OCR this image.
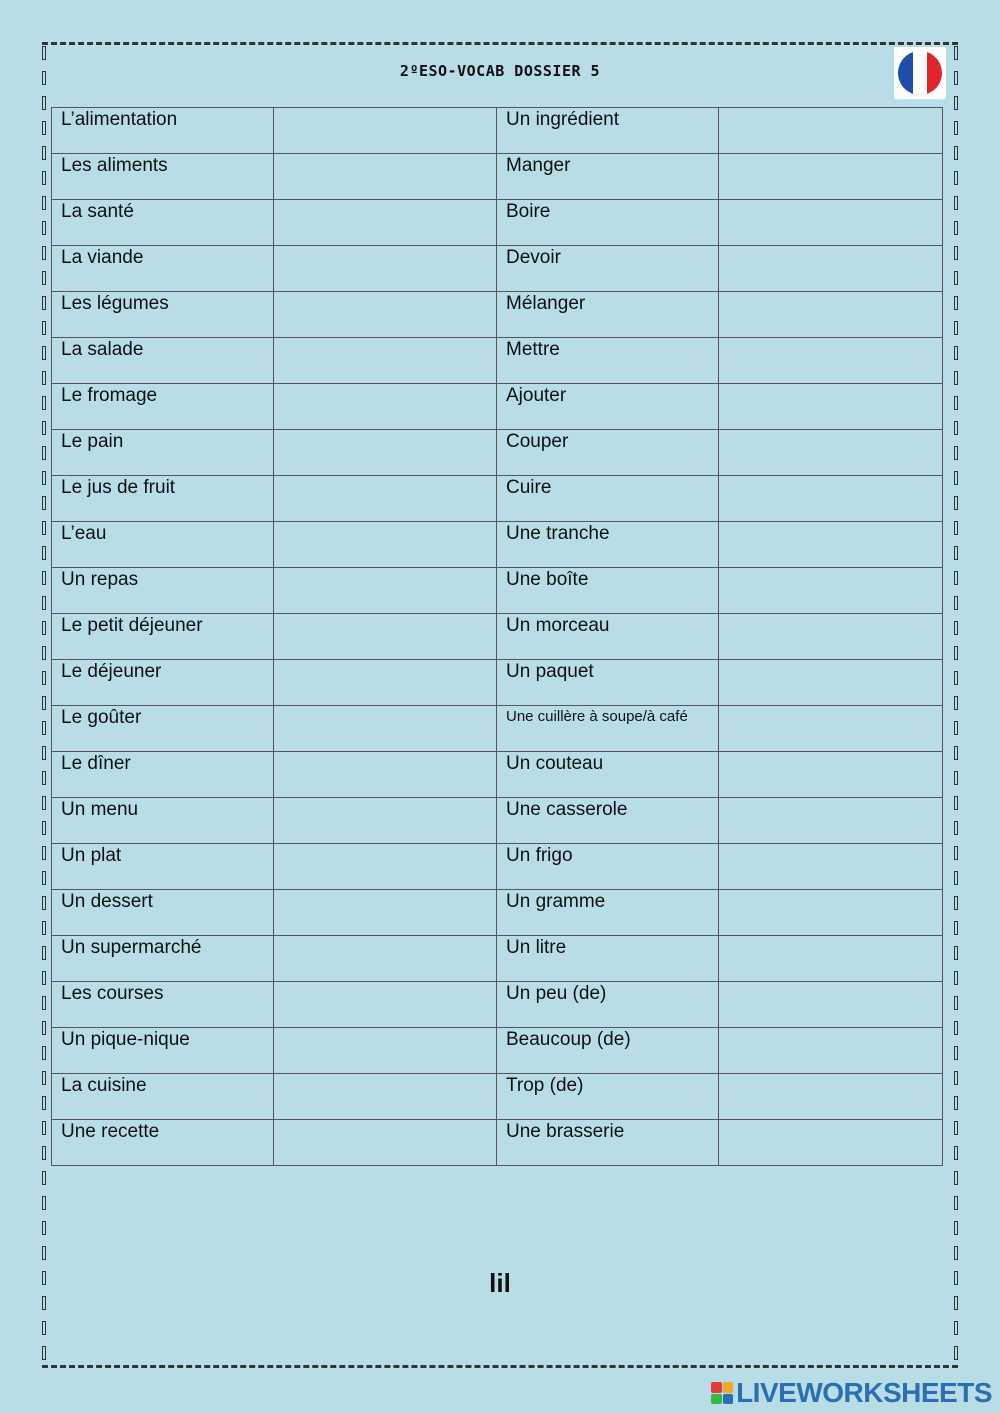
2ºESO-VOCAB DOSSIER 5
L’alimentation		Un ingrédient	
Les aliments		Manger	
La santé		Boire	
La viande		Devoir	
Les légumes		Mélanger	
La salade		Mettre	
Le fromage		Ajouter	
Le pain		Couper	
Le jus de fruit		Cuire	
L’eau		Une tranche	
Un repas		Une boîte	
Le petit déjeuner		Un morceau	
Le déjeuner		Un paquet	
Le goûter		Une cuillère à soupe/à café	
Le dîner		Un couteau	
Un menu		Une casserole	
Un plat		Un frigo	
Un dessert		Un gramme	
Un supermarché		Un litre	
Les courses		Un peu (de)	
Un pique-nique		Beaucoup (de)	
La cuisine		Trop (de)	
Une recette		Une brasserie	
lil
LIVEWORKSHEETS
